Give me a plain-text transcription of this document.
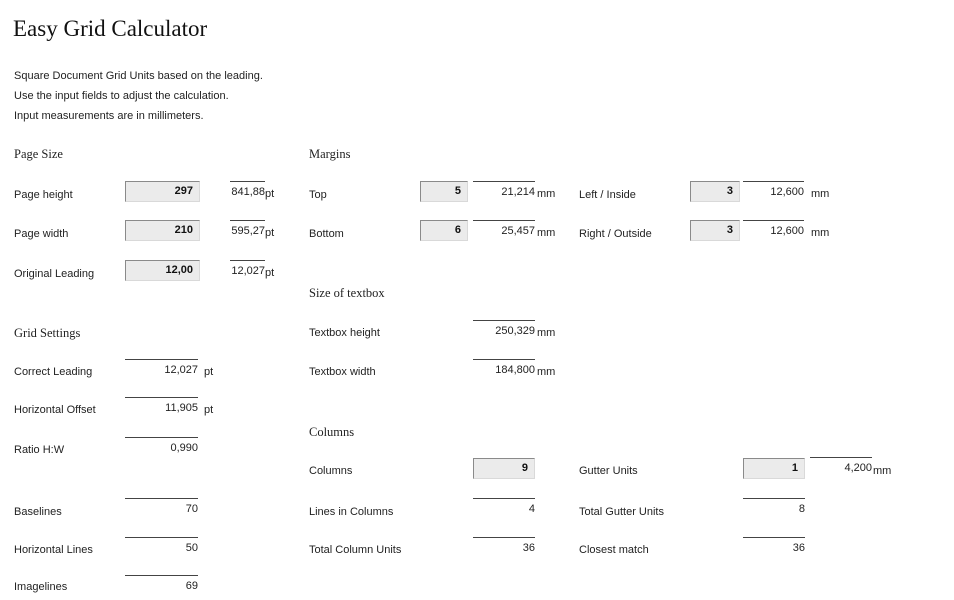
Easy Grid Calculator
Square Document Grid Units based on the leading.
Use the input fields to adjust the calculation.
Input measurements are in millimeters.
Page Size
Page height	297	841,88 pt
Page width	210	595,27 pt
Original Leading	12,00	12,027 pt
Grid Settings
Correct Leading	12,027 pt
Horizontal Offset	11,905 pt
Ratio H:W	0,990
Baselines	70
Horizontal Lines	50
Imagelines	69
Margins
Top	5	21,214 mm
Bottom	6	25,457 mm
Left / Inside	3	12,600 mm
Right / Outside	3	12,600 mm
Size of textbox
Textbox height	250,329 mm
Textbox width	184,800 mm
Columns
Columns	9
Lines in Columns	4
Total Column Units	36
Gutter Units	1	4,200 mm
Total Gutter Units	8
Closest match	36
